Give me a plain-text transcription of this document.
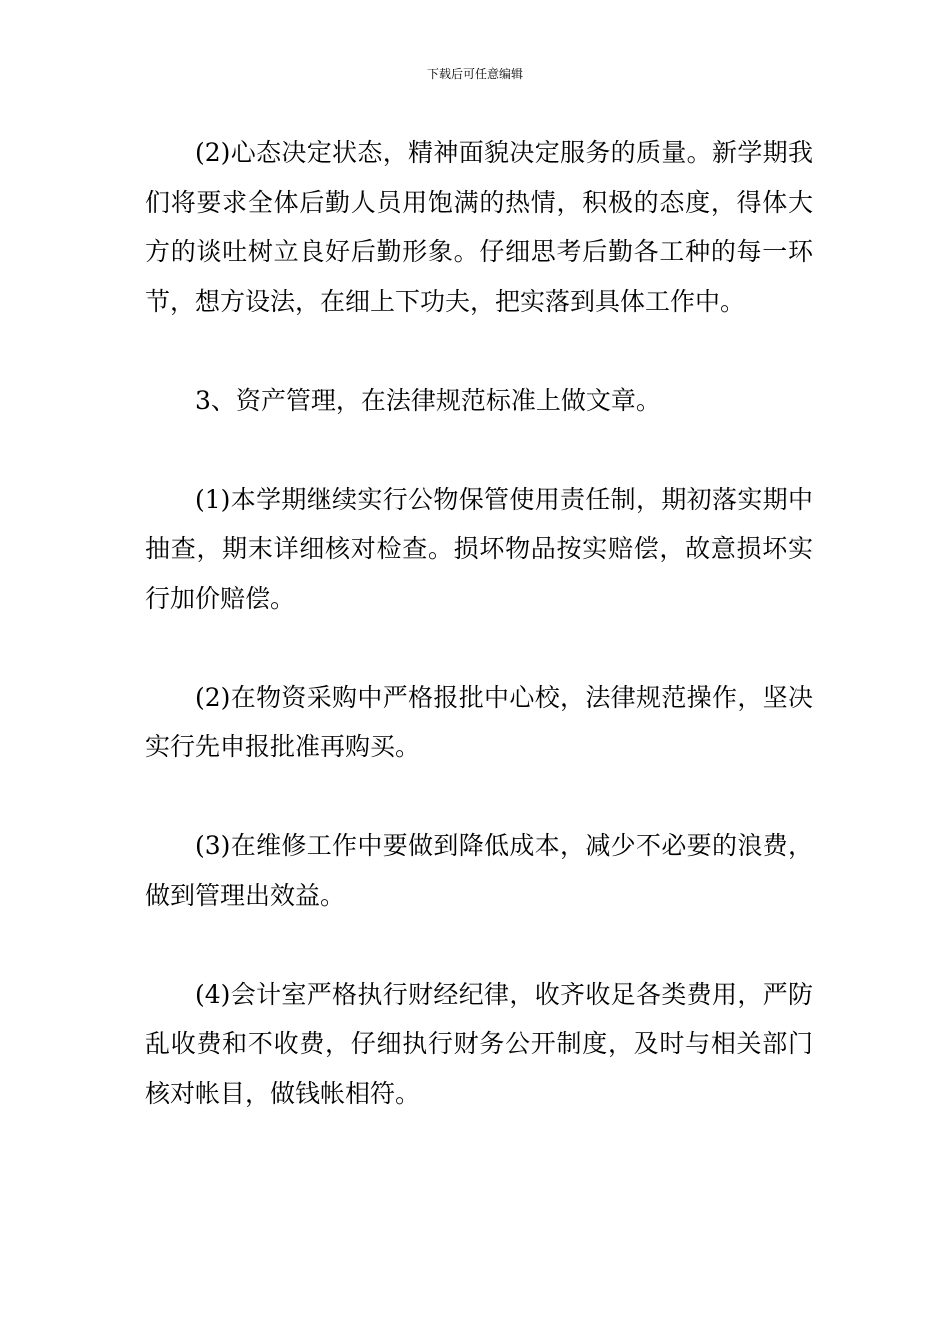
下载后可任意编辑

(2)心态决定状态，精神面貌决定服务的质量。新学期我们将要求全体后勤人员用饱满的热情，积极的态度，得体大方的谈吐树立良好后勤形象。仔细思考后勤各工种的每一环节，想方设法，在细上下功夫，把实落到具体工作中。

3、资产管理，在法律规范标准上做文章。

(1)本学期继续实行公物保管使用责任制，期初落实期中抽查，期末详细核对检查。损坏物品按实赔偿，故意损坏实行加价赔偿。

(2)在物资采购中严格报批中心校，法律规范操作，坚决实行先申报批准再购买。

(3)在维修工作中要做到降低成本，减少不必要的浪费，做到管理出效益。

(4)会计室严格执行财经纪律，收齐收足各类费用，严防乱收费和不收费，仔细执行财务公开制度，及时与相关部门核对帐目，做钱帐相符。
